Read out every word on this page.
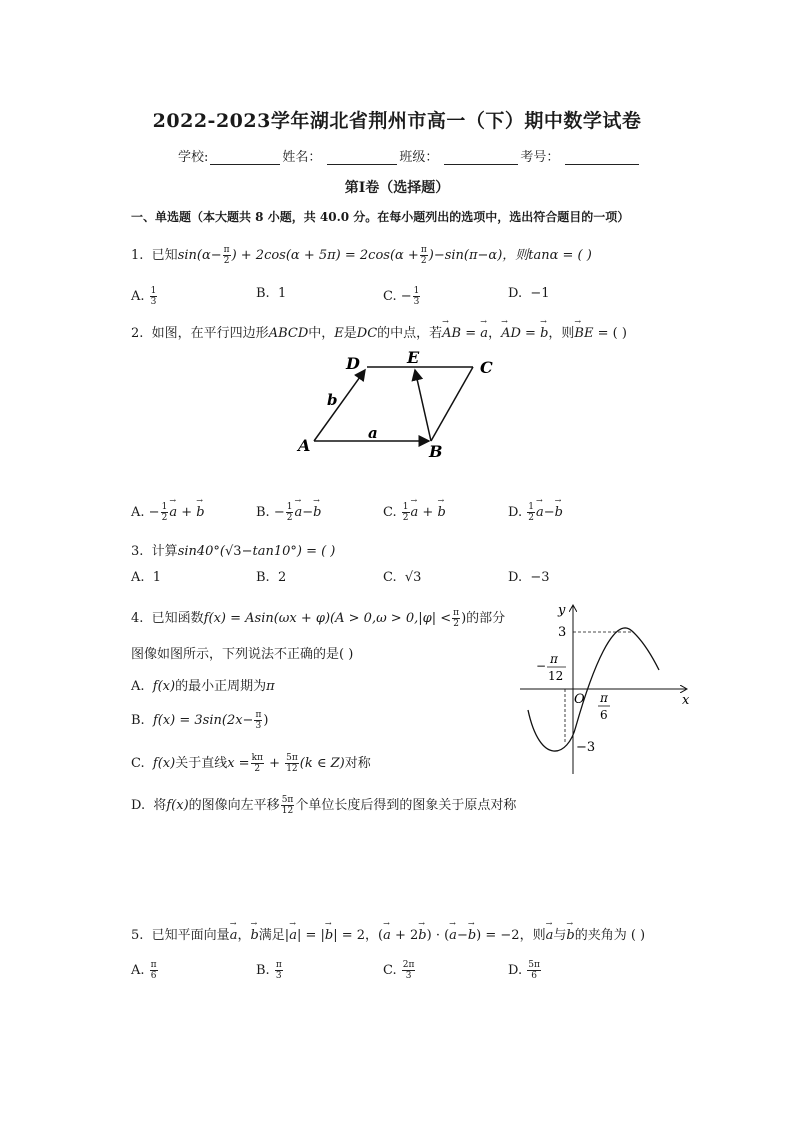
2022-2023学年湖北省荆州市高一（下）期中数学试卷
学校:	姓名：	班级：	考号：
第I卷（选择题）
一、单选题（本大题共 8 小题，共 40.0 分。在每小题列出的选项中，选出符合题目的一项）
1. 已知$\sin(\alpha- \frac{\pi}{2}$ ) + $2\cos(\alpha + 5\pi) = 2\cos(\alpha + \frac{\pi}{2} )-\sin(\pi-\alpha)$，则tanα = ( )
A. $\frac{1}{3}$	B. 1	C. − $\frac{1}{3}$	D. −1
2. 如图，在平行四边形ABCD中，E是DC的中点，若→ AB = → a，→ AD = → b，则→ BE = ( )
A	B
C
D	E
a
b
A. − $\frac{1}{2}$
→ a + → b	B. − $\frac{1}{2}$
→ a−→ b	C. $\frac{1}{2}$
→ a + → b	D. $\frac{1}{2}$
→ a−→ b
3. 计算sin40°(√3−tan10°) = ( )
A. 1	B. 2	C. √3	D. −3
4. 已知函数$f(x) = Asin(\omega x + \varphi)(A > 0,\omega > 0,|\varphi| < \frac{\pi}{2}$ )的部分
图像如图所示，下列说法不正确的是( )
A. f(x)的最小正周期为π
B. $f(x) = 3\sin(2x- \frac{\pi}{3}$ )
C. f(x)关于直线$x = \frac{k\pi}{2} + \frac{5\pi}{12} (k$ ∈ Z)对称
D. 将f(x)的图像向左平移 $\frac{5\pi}{12}$ 个单位长度后得到的图象关于原点对称
y
x
O
3
−3
− π
12
π
6
5. 已知平面向量→ a，→ b满足|→ a| = |→ b| = 2，(→ a + 2→ b) · (→ a−→ b) = −2，则→ a与→ b的夹角为 ( )
A. $\frac{\pi}{6}$	B. $\frac{\pi}{3}$	C. $\frac{2\pi}{3}$	D. $\frac{5\pi}{6}$
